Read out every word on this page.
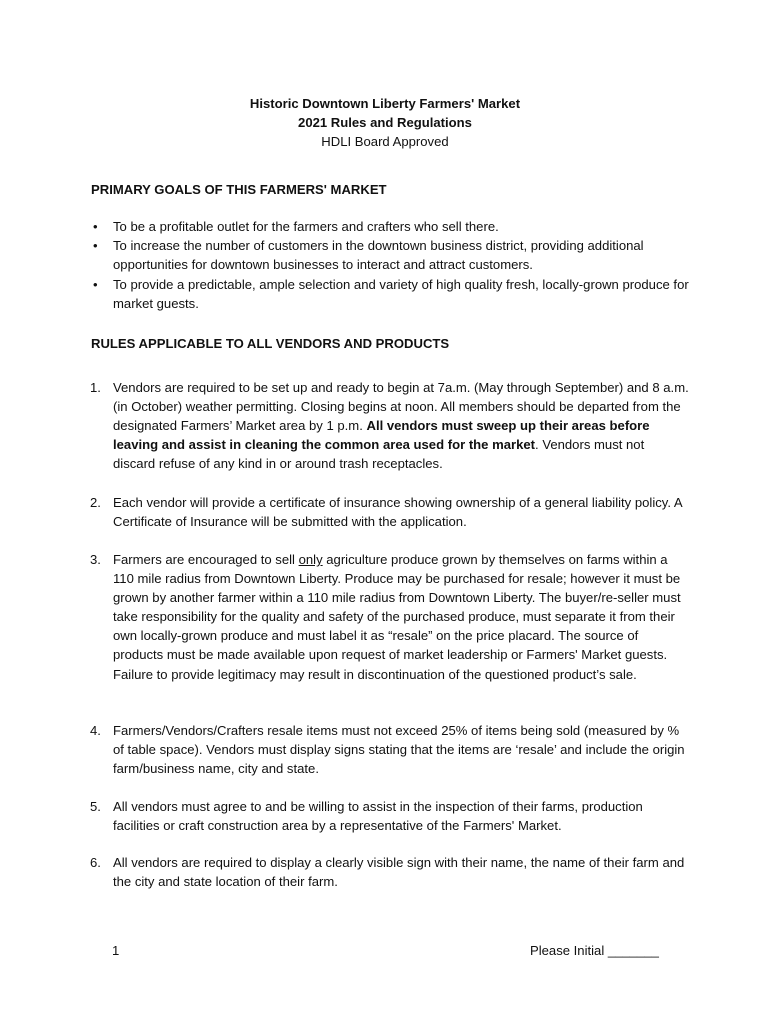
Historic Downtown Liberty Farmers' Market
2021 Rules and Regulations
HDLI Board Approved
PRIMARY GOALS OF THIS FARMERS' MARKET
• To be a profitable outlet for the farmers and crafters who sell there.
• To increase the number of customers in the downtown business district, providing additional opportunities for downtown businesses to interact and attract customers.
• To provide a predictable, ample selection and variety of high quality fresh, locally-grown produce for market guests.
RULES APPLICABLE TO ALL VENDORS AND PRODUCTS
1. Vendors are required to be set up and ready to begin at 7a.m. (May through September) and 8 a.m. (in October) weather permitting. Closing begins at noon. All members should be departed from the designated Farmers’ Market area by 1 p.m. All vendors must sweep up their areas before leaving and assist in cleaning the common area used for the market. Vendors must not discard refuse of any kind in or around trash receptacles.
2. Each vendor will provide a certificate of insurance showing ownership of a general liability policy. A Certificate of Insurance will be submitted with the application.
3. Farmers are encouraged to sell only agriculture produce grown by themselves on farms within a 110 mile radius from Downtown Liberty. Produce may be purchased for resale; however it must be grown by another farmer within a 110 mile radius from Downtown Liberty. The buyer/re-seller must take responsibility for the quality and safety of the purchased produce, must separate it from their own locally-grown produce and must label it as “resale” on the price placard. The source of products must be made available upon request of market leadership or Farmers' Market guests. Failure to provide legitimacy may result in discontinuation of the questioned product’s sale.
4. Farmers/Vendors/Crafters resale items must not exceed 25% of items being sold (measured by % of table space). Vendors must display signs stating that the items are ‘resale’ and include the origin farm/business name, city and state.
5. All vendors must agree to and be willing to assist in the inspection of their farms, production facilities or craft construction area by a representative of the Farmers' Market.
6. All vendors are required to display a clearly visible sign with their name, the name of their farm and the city and state location of their farm.
1	Please Initial _______
